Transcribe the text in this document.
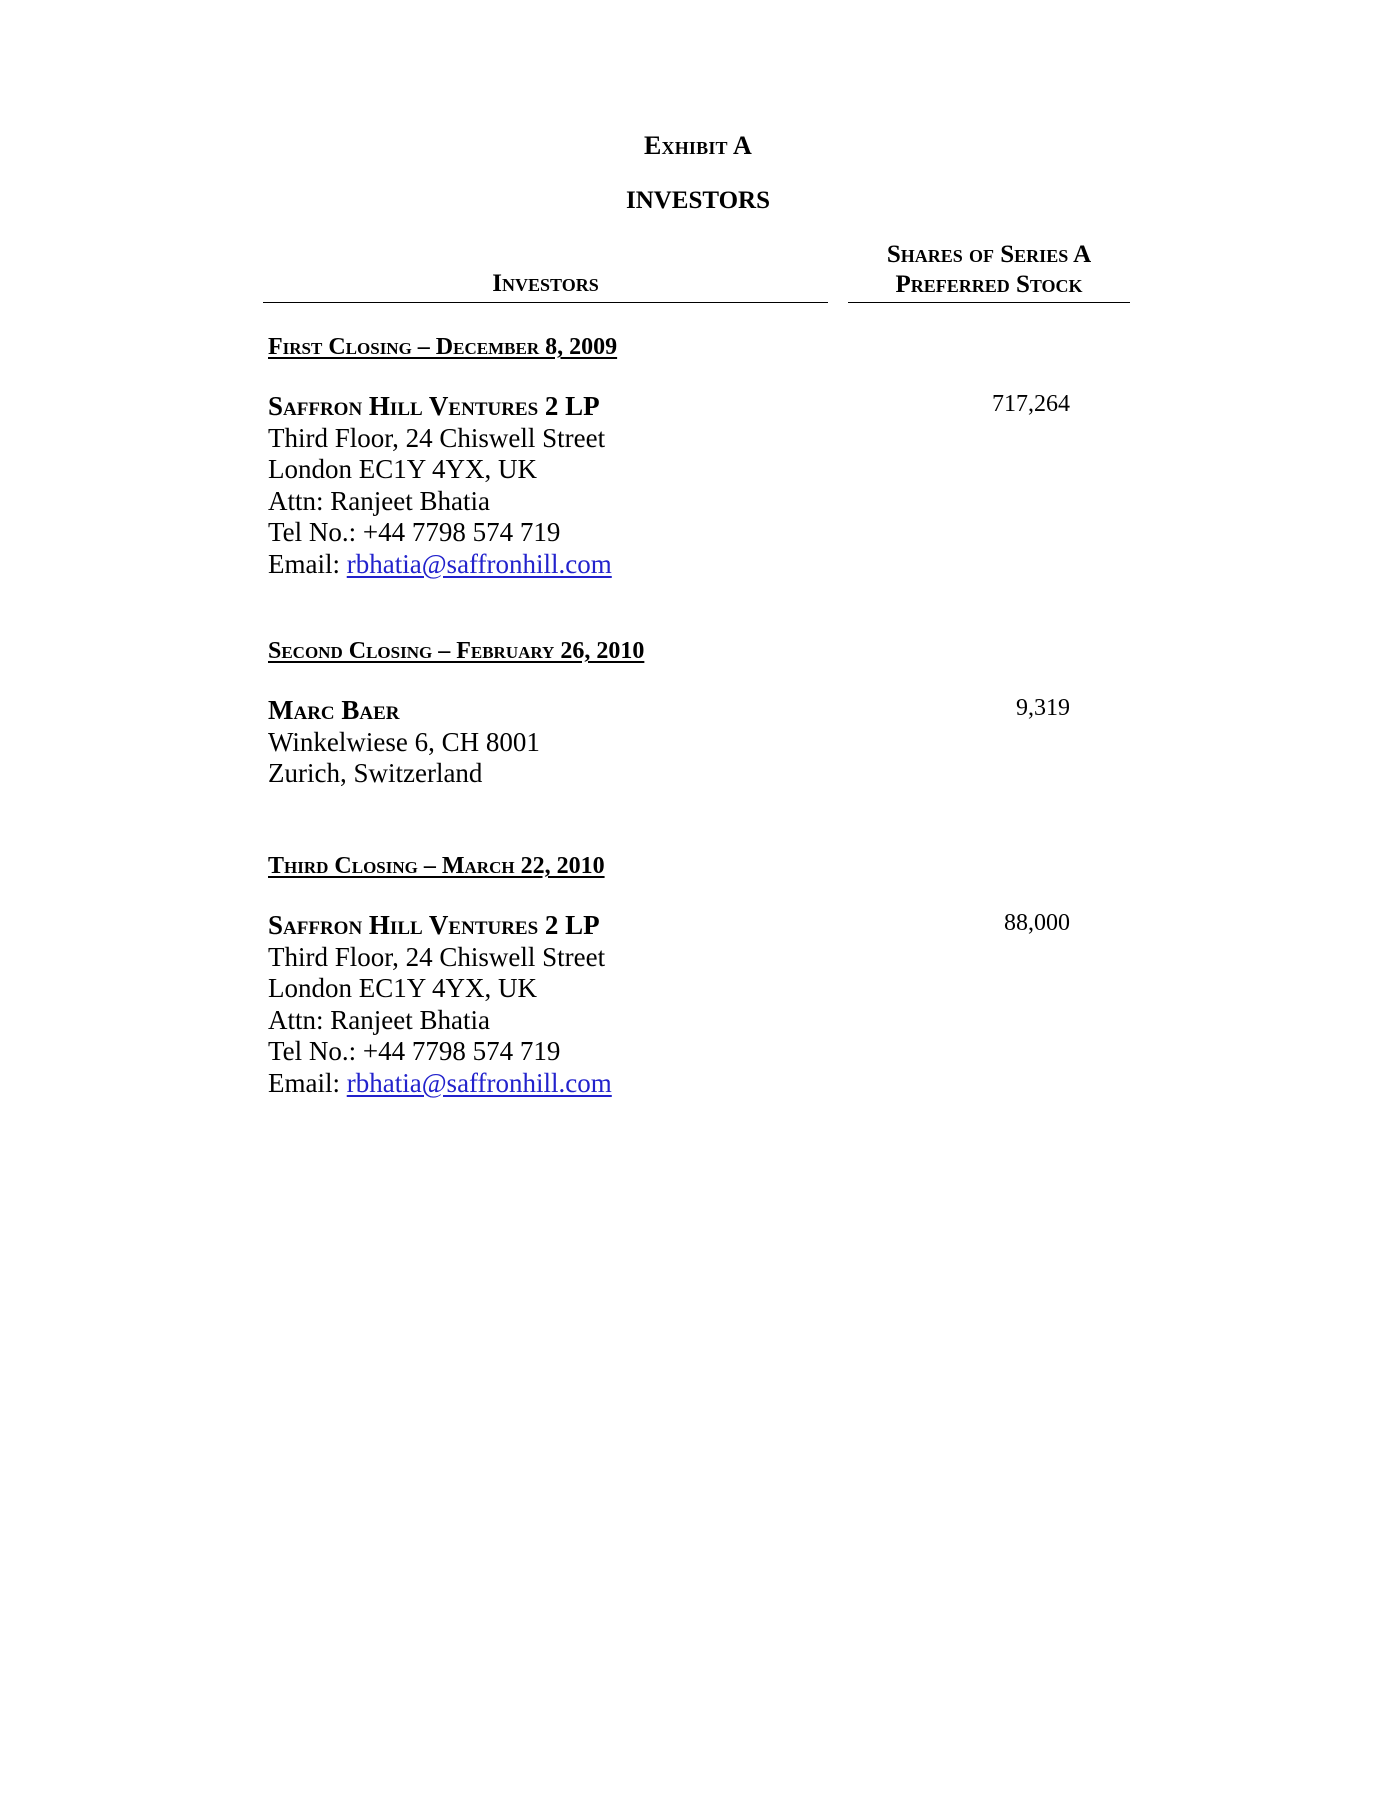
Exhibit A
INVESTORS
Investors
Shares of Series A
Preferred Stock
First Closing – December 8, 2009
Saffron Hill Ventures 2 LP
Third Floor, 24 Chiswell Street
London EC1Y 4YX, UK
Attn: Ranjeet Bhatia
Tel No.: +44 7798 574 719
Email: rbhatia@saffronhill.com
717,264
Second Closing – February 26, 2010
Marc Baer
Winkelwiese 6, CH 8001
Zurich, Switzerland
9,319
Third Closing – March 22, 2010
Saffron Hill Ventures 2 LP
Third Floor, 24 Chiswell Street
London EC1Y 4YX, UK
Attn: Ranjeet Bhatia
Tel No.: +44 7798 574 719
Email: rbhatia@saffronhill.com
88,000
